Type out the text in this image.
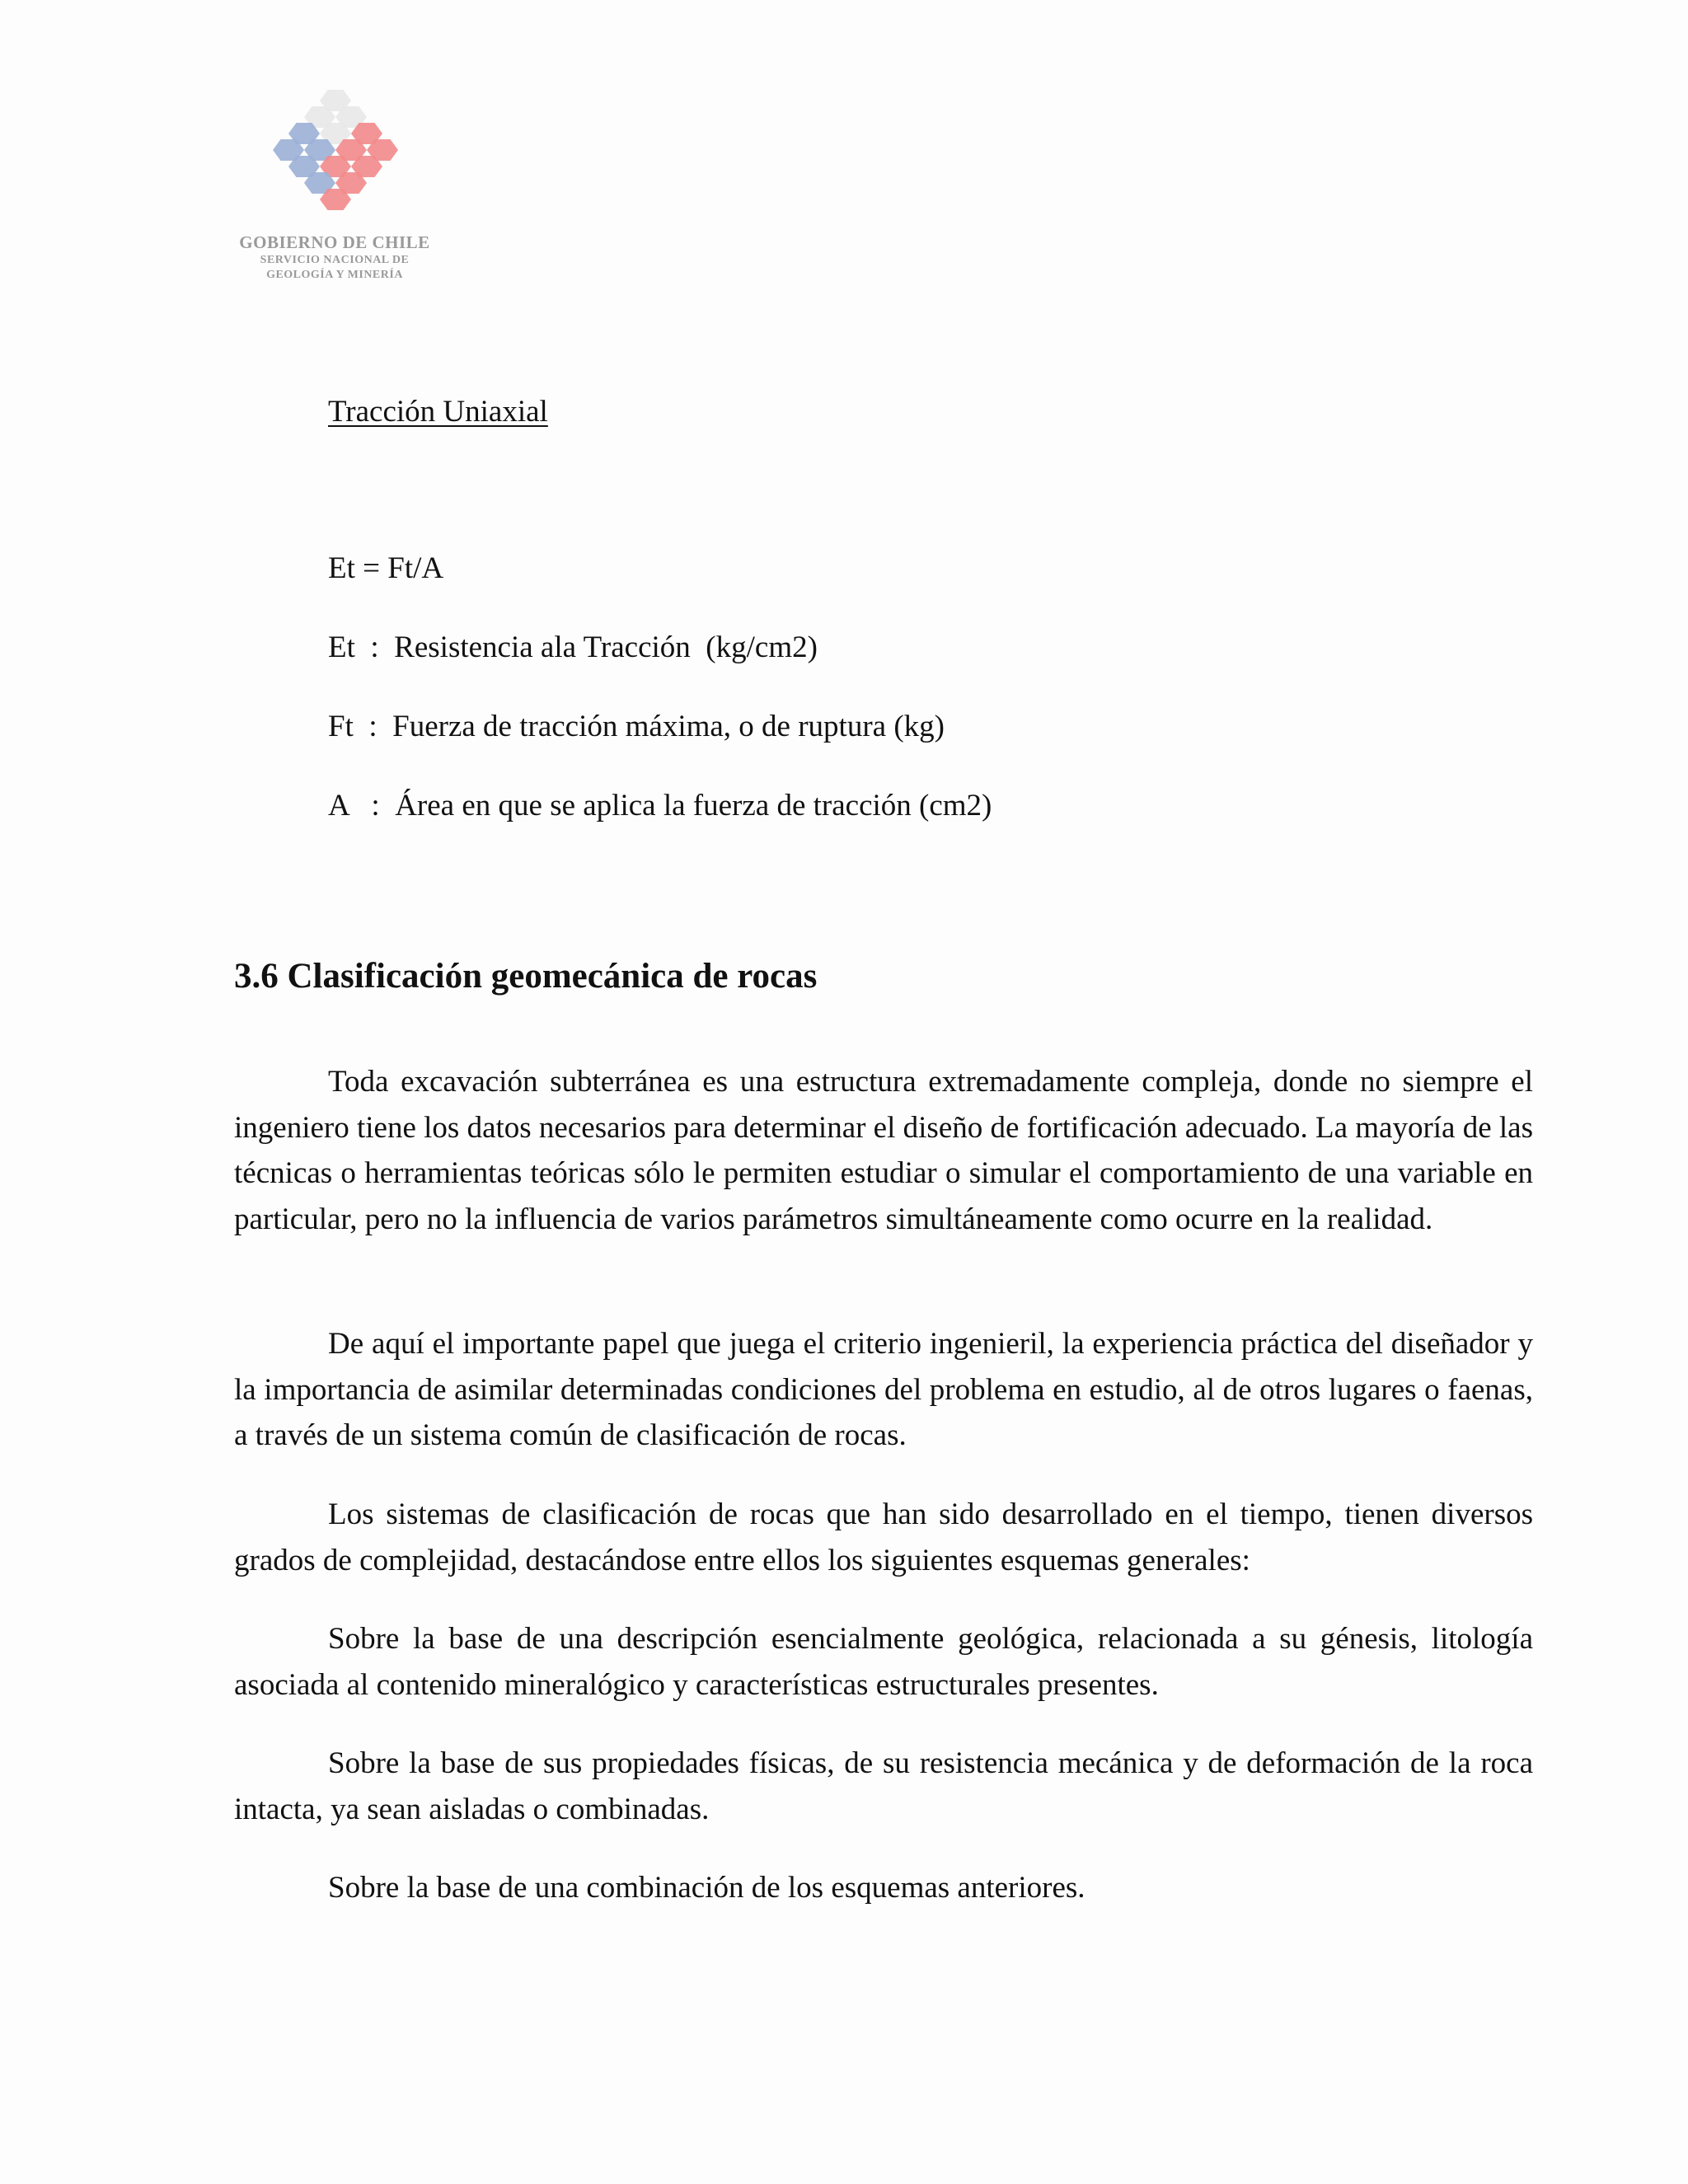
GOBIERNO DE CHILE
SERVICIO NACIONAL DE
GEOLOGÍA Y MINERÍA
Tracción Uniaxial
Et = Ft/A
Et  :  Resistencia ala Tracción  (kg/cm2)
Ft  :  Fuerza de tracción máxima, o de ruptura (kg)
A   :  Área en que se aplica la fuerza de tracción (cm2)
3.6 Clasificación geomecánica de rocas

Toda excavación subterránea es una estructura extremadamente compleja, donde no siempre el ingeniero tiene los datos necesarios para determinar el diseño de fortificación adecuado. La mayoría de las técnicas o herramientas teóricas sólo le permiten estudiar o simular el comportamiento de una variable en particular, pero no la influencia de varios parámetros simultáneamente como ocurre en la realidad.

De aquí el importante papel que juega el criterio ingenieril, la experiencia práctica del diseñador y la importancia de asimilar determinadas condiciones del problema en estudio, al de otros lugares o faenas, a través de un sistema común de clasificación de rocas.

Los sistemas de clasificación de rocas que han sido desarrollado en el tiempo, tienen diversos grados de complejidad, destacándose entre ellos los siguientes esquemas generales:

Sobre la base de una descripción esencialmente geológica, relacionada a su génesis, litología asociada al contenido mineralógico y características estructurales presentes.

Sobre la base de sus propiedades físicas, de su resistencia mecánica y de deformación de la roca intacta, ya sean aisladas o combinadas.

Sobre la base de una combinación de los esquemas anteriores.
